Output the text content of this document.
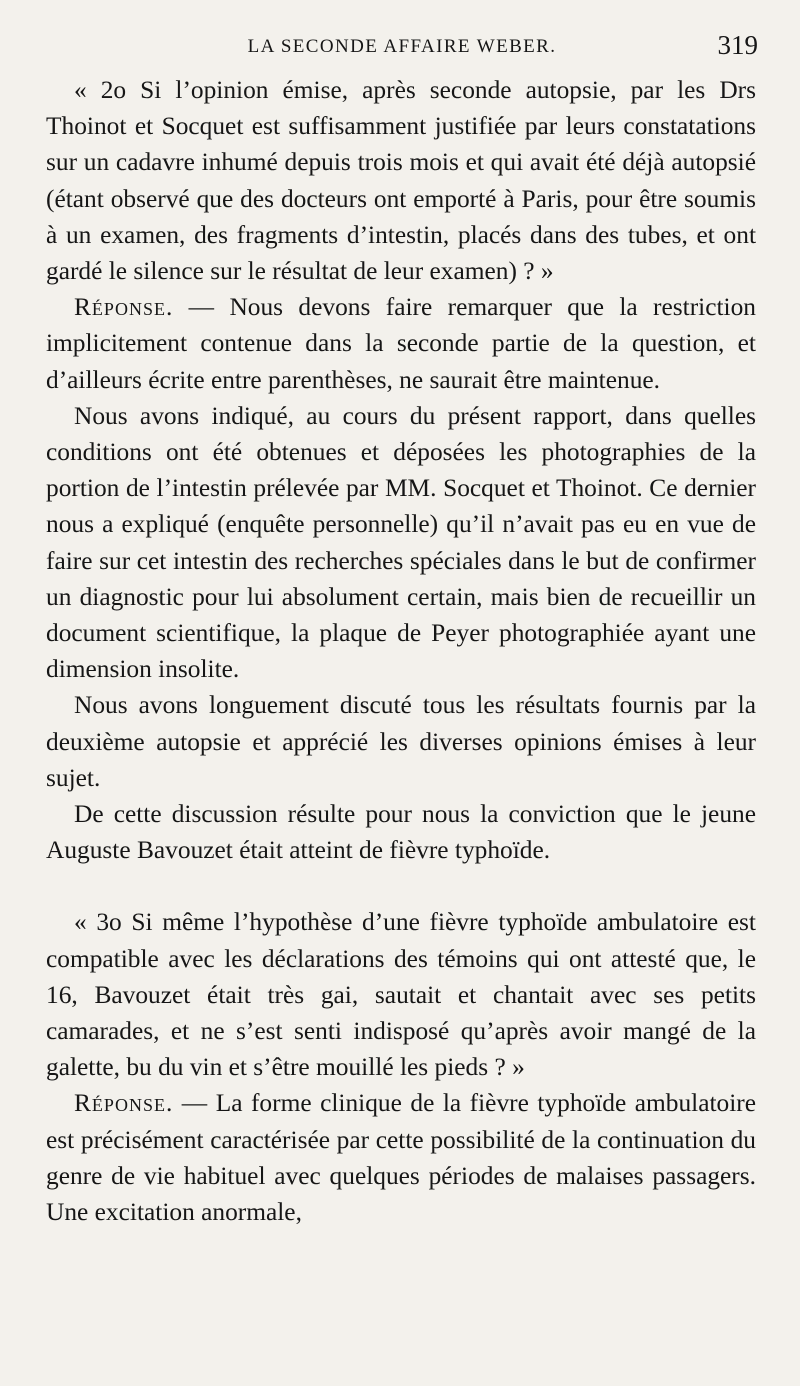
LA SECONDE AFFAIRE WEBER.	319

« 2o Si l’opinion émise, après seconde autopsie, par les Drs Thoinot et Socquet est suffisamment justifiée par leurs constatations sur un cadavre inhumé depuis trois mois et qui avait été déjà autopsié (étant observé que des docteurs ont emporté à Paris, pour être soumis à un examen, des fragments d’intestin, placés dans des tubes, et ont gardé le silence sur le résultat de leur examen) ? »

Réponse. — Nous devons faire remarquer que la restriction implicitement contenue dans la seconde partie de la question, et d’ailleurs écrite entre parenthèses, ne saurait être maintenue.

Nous avons indiqué, au cours du présent rapport, dans quelles conditions ont été obtenues et déposées les photographies de la portion de l’intestin prélevée par MM. Socquet et Thoinot. Ce dernier nous a expliqué (enquête personnelle) qu’il n’avait pas eu en vue de faire sur cet intestin des recherches spéciales dans le but de confirmer un diagnostic pour lui absolument certain, mais bien de recueillir un document scientifique, la plaque de Peyer photographiée ayant une dimension insolite.

Nous avons longuement discuté tous les résultats fournis par la deuxième autopsie et apprécié les diverses opinions émises à leur sujet.

De cette discussion résulte pour nous la conviction que le jeune Auguste Bavouzet était atteint de fièvre typhoïde.

« 3o Si même l’hypothèse d’une fièvre typhoïde ambulatoire est compatible avec les déclarations des témoins qui ont attesté que, le 16, Bavouzet était très gai, sautait et chantait avec ses petits camarades, et ne s’est senti indisposé qu’après avoir mangé de la galette, bu du vin et s’être mouillé les pieds ? »

Réponse. — La forme clinique de la fièvre typhoïde ambulatoire est précisément caractérisée par cette possibilité de la continuation du genre de vie habituel avec quelques périodes de malaises passagers. Une excitation anormale,
